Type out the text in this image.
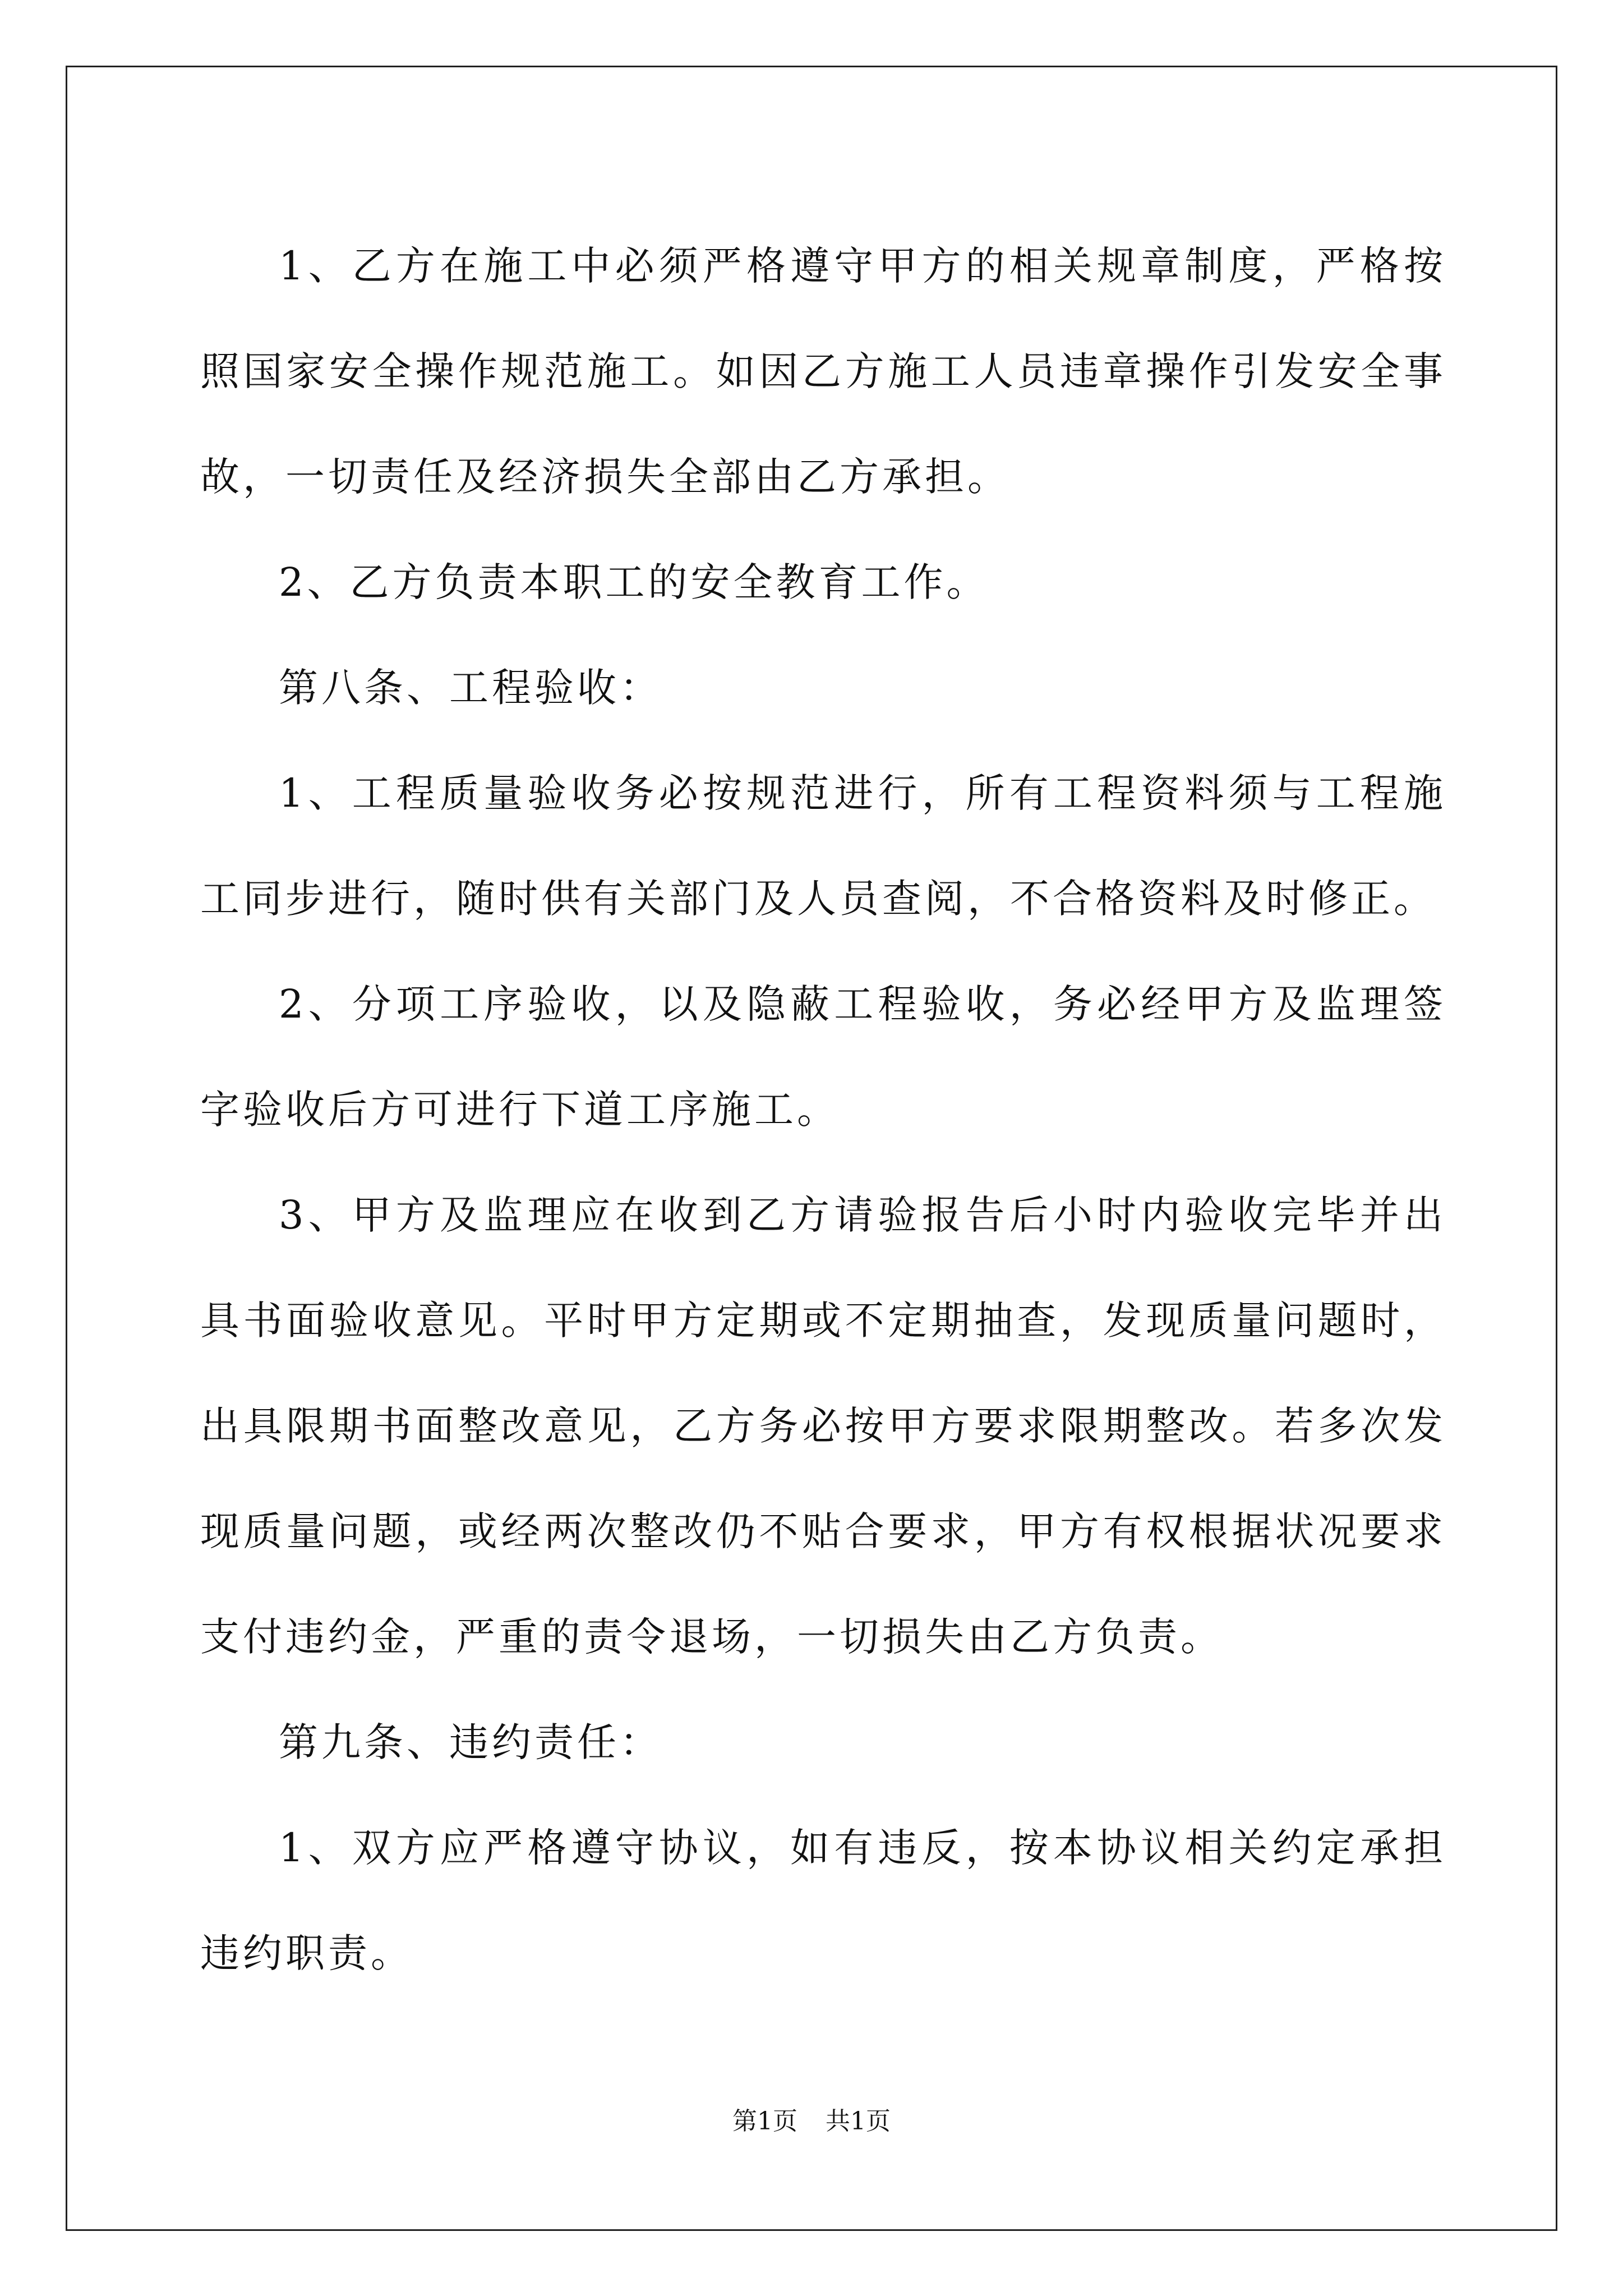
1、乙方在施工中必须严格遵守甲方的相关规章制度，严格按照国家安全操作规范施工。如因乙方施工人员违章操作引发安全事故，一切责任及经济损失全部由乙方承担。

2、乙方负责本职工的安全教育工作。

第八条、工程验收：

1、工程质量验收务必按规范进行，所有工程资料须与工程施工同步进行，随时供有关部门及人员查阅，不合格资料及时修正。

2、分项工序验收，以及隐蔽工程验收，务必经甲方及监理签字验收后方可进行下道工序施工。

3、甲方及监理应在收到乙方请验报告后小时内验收完毕并出具书面验收意见。平时甲方定期或不定期抽查，发现质量问题时，出具限期书面整改意见，乙方务必按甲方要求限期整改。若多次发现质量问题，或经两次整改仍不贴合要求，甲方有权根据状况要求支付违约金，严重的责令退场，一切损失由乙方负责。

第九条、违约责任：

1、双方应严格遵守协议，如有违反，按本协议相关约定承担违约职责。

第1页 共1页
